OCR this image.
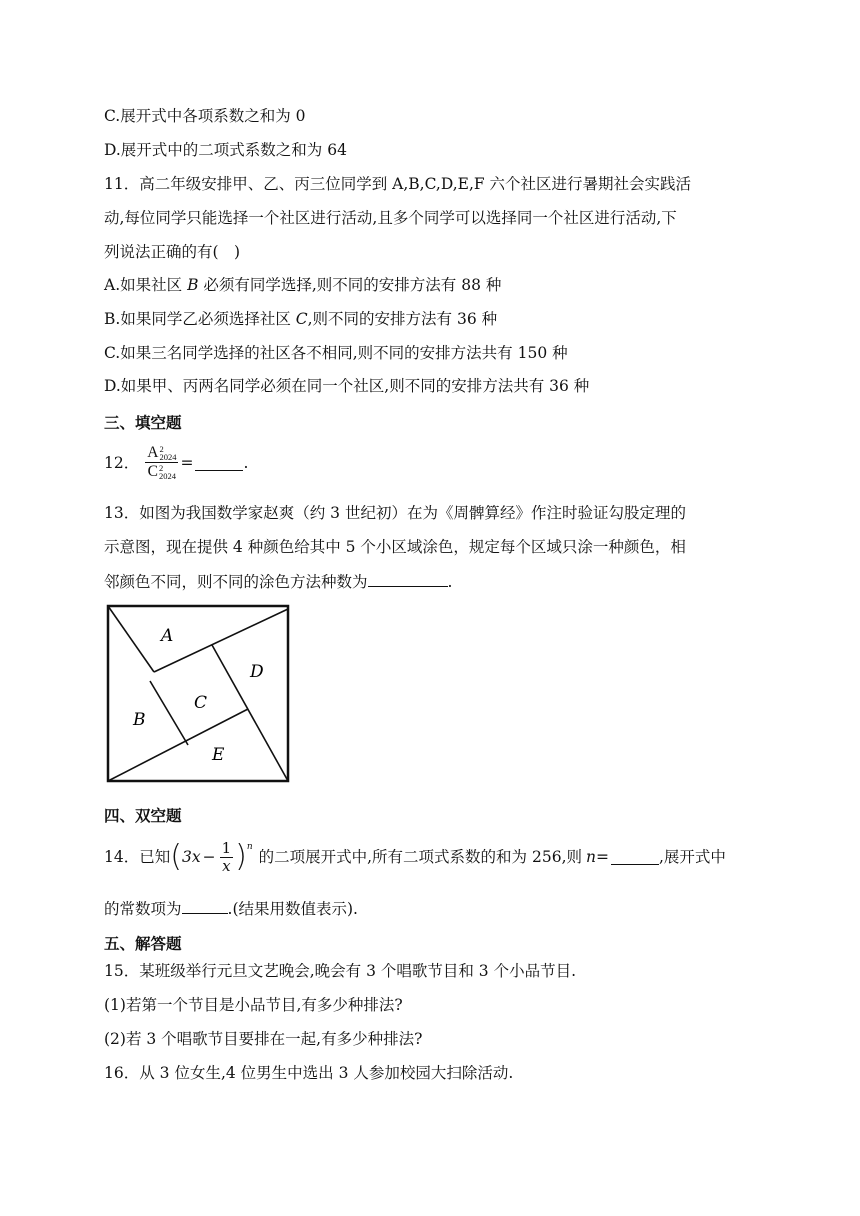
C.展开式中各项系数之和为 0
D.展开式中的二项式系数之和为 64
11．高二年级安排甲、乙、丙三位同学到 A,B,C,D,E,F 六个社区进行暑期社会实践活
动,每位同学只能选择一个社区进行活动,且多个同学可以选择同一个社区进行活动,下
列说法正确的有(　)
A.如果社区 B 必须有同学选择,则不同的安排方法有 88 种
B.如果同学乙必须选择社区 C,则不同的安排方法有 36 种
C.如果三名同学选择的社区各不相同,则不同的安排方法共有 150 种
D.如果甲、丙两名同学必须在同一个社区,则不同的安排方法共有 36 种
三、填空题
12． A 2
2024
C 2
2024 =	.
13．如图为我国数学家赵爽（约 3 世纪初）在为《周髀算经》作注时验证勾股定理的
示意图，现在提供 4 种颜色给其中 5 个小区域涂色，规定每个区域只涂一种颜色，相
邻颜色不同，则不同的涂色方法种数为	.
A
B
C
D
E
四、双空题
14．已知 ( $3x - \frac{1}{x}$ ) n
的二项展开式中,所有二项式系数的和为 256,则 n =	,展开式中
的常数项为	.(结果用数值表示).
五、解答题
15．某班级举行元旦文艺晚会,晚会有 3 个唱歌节目和 3 个小品节目.
(1)若第一个节目是小品节目,有多少种排法?
(2)若 3 个唱歌节目要排在一起,有多少种排法?
16．从 3 位女生,4 位男生中选出 3 人参加校园大扫除活动.
